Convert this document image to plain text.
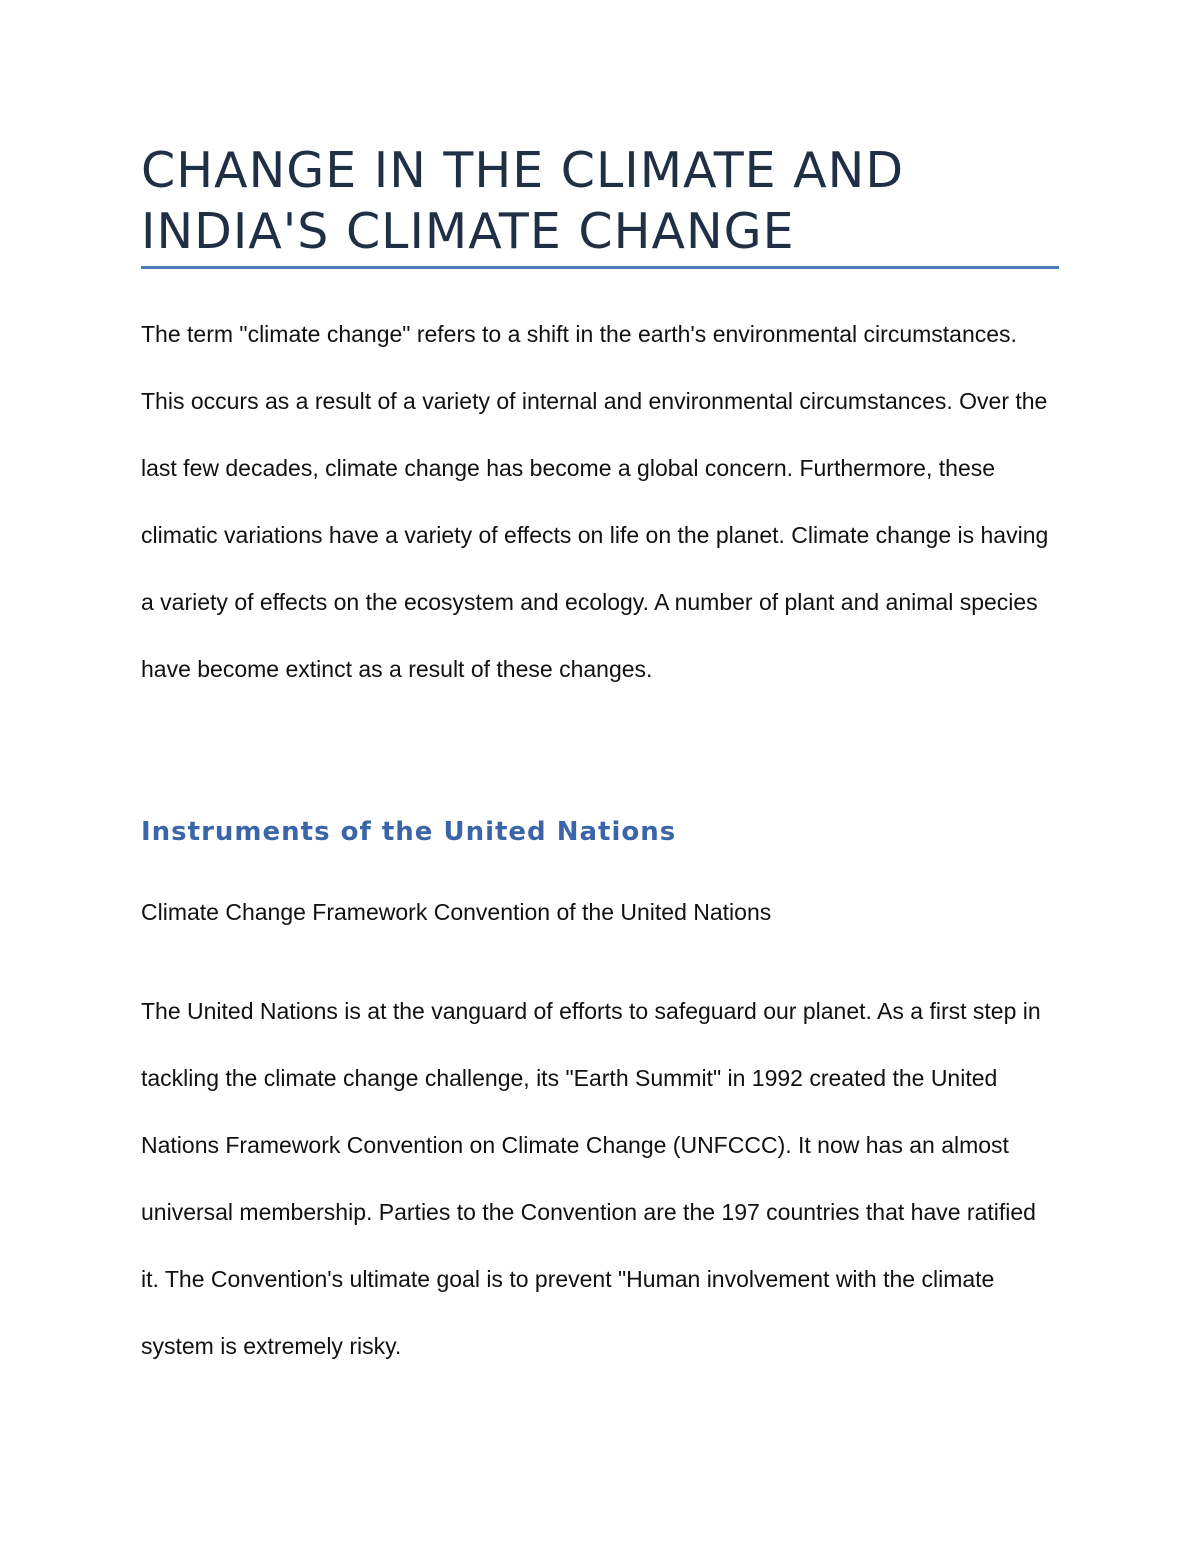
CHANGE IN THE CLIMATE AND INDIA'S CLIMATE CHANGE

The term "climate change" refers to a shift in the earth's environmental circumstances. This occurs as a result of a variety of internal and environmental circumstances. Over the last few decades, climate change has become a global concern. Furthermore, these climatic variations have a variety of effects on life on the planet. Climate change is having a variety of effects on the ecosystem and ecology. A number of plant and animal species have become extinct as a result of these changes.

Instruments of the United Nations

Climate Change Framework Convention of the United Nations

The United Nations is at the vanguard of efforts to safeguard our planet. As a first step in tackling the climate change challenge, its "Earth Summit" in 1992 created the United Nations Framework Convention on Climate Change (UNFCCC). It now has an almost universal membership. Parties to the Convention are the 197 countries that have ratified it. The Convention's ultimate goal is to prevent "Human involvement with the climate system is extremely risky.
